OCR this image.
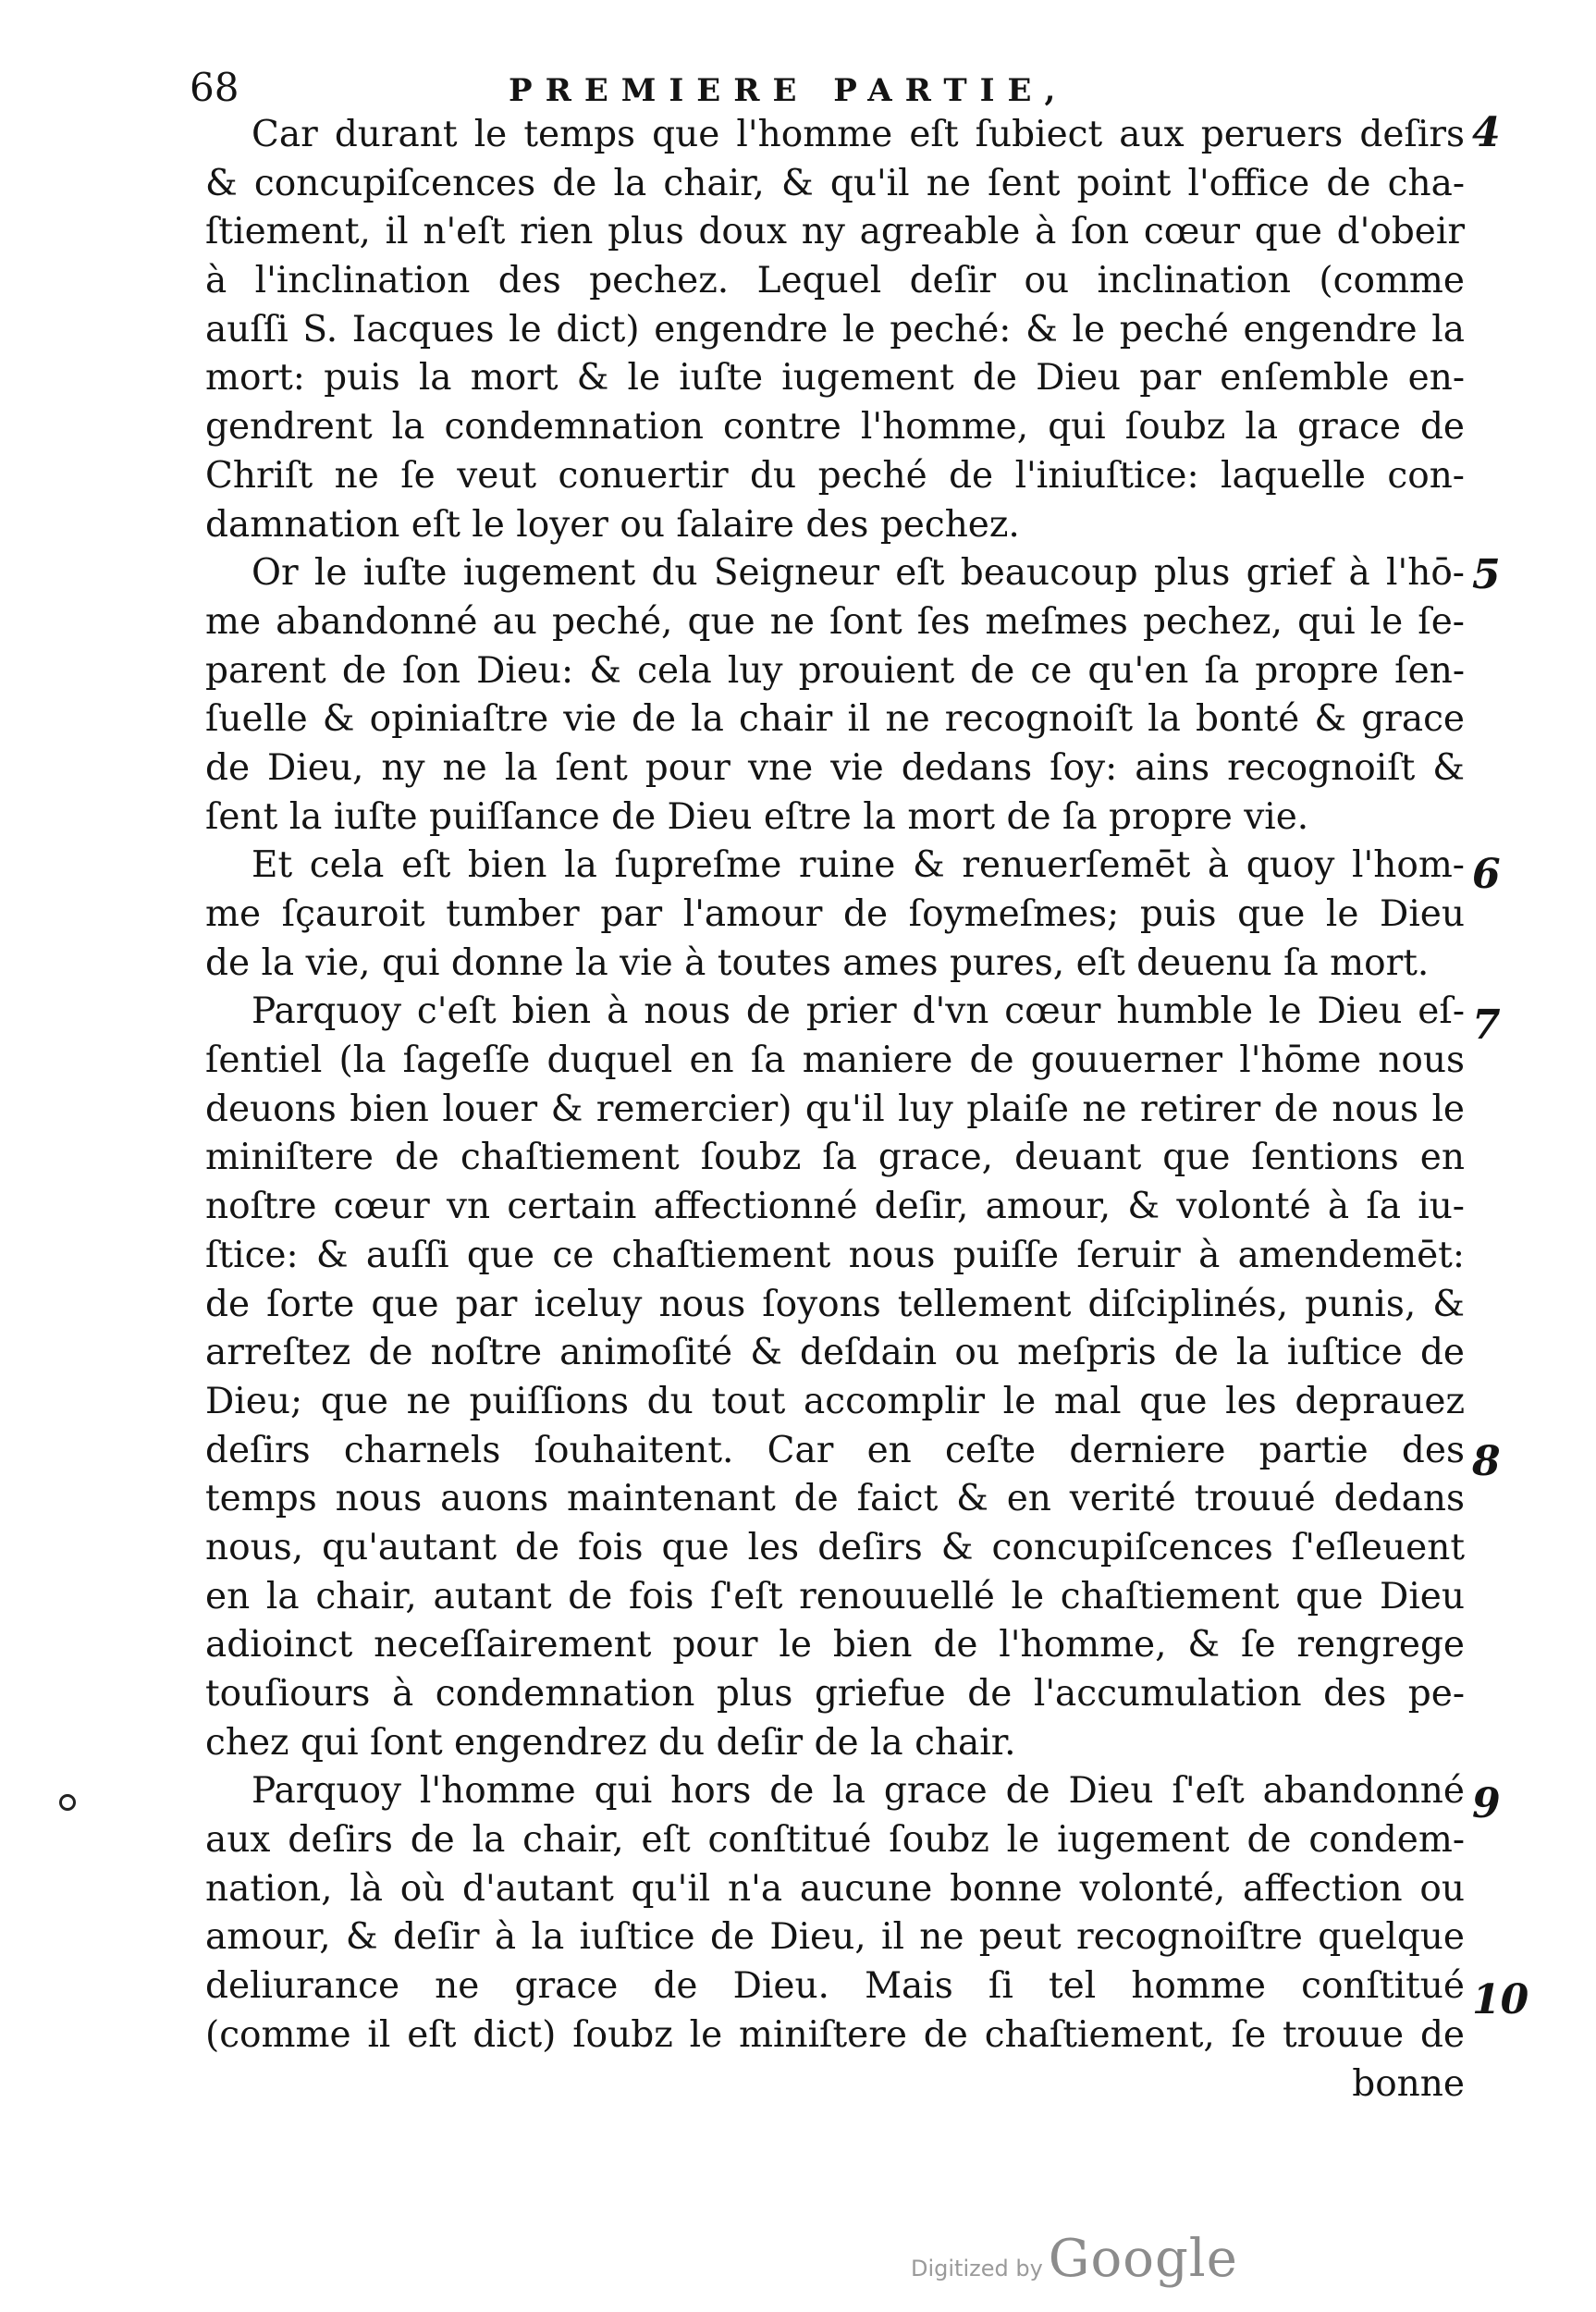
68	PREMIERE PARTIE,
Car durant le temps que l'homme eſt ſubiect aux peruers deſirs
& concupiſcences de la chair, & qu'il ne ſent point l'office de cha-
ſtiement, il n'eſt rien plus doux ny agreable à ſon cœur que d'obeir
à l'inclination des pechez. Lequel deſir ou inclination (comme
auſſi S. Iacques le dict) engendre le peché: & le peché engendre la
mort: puis la mort & le iuſte iugement de Dieu par enſemble en-
gendrent la condemnation contre l'homme, qui ſoubz la grace de
Chriſt ne ſe veut conuertir du peché de l'iniuſtice: laquelle con-
damnation eſt le loyer ou ſalaire des pechez.
Or le iuſte iugement du Seigneur eſt beaucoup plus grief à l'hō-
me abandonné au peché, que ne ſont ſes meſmes pechez, qui le ſe-
parent de ſon Dieu: & cela luy prouient de ce qu'en ſa propre ſen-
ſuelle & opiniaſtre vie de la chair il ne recognoiſt la bonté & grace
de Dieu, ny ne la ſent pour vne vie dedans ſoy: ains recognoiſt &
ſent la iuſte puiſſance de Dieu eſtre la mort de ſa propre vie.
Et cela eſt bien la ſupreſme ruine & renuerſemēt à quoy l'hom-
me ſçauroit tumber par l'amour de ſoymeſmes; puis que le Dieu
de la vie, qui donne la vie à toutes ames pures, eſt deuenu ſa mort.
Parquoy c'eſt bien à nous de prier d'vn cœur humble le Dieu eſ-
ſentiel (la ſageſſe duquel en ſa maniere de gouuerner l'hōme nous
deuons bien louer & remercier) qu'il luy plaiſe ne retirer de nous le
miniſtere de chaſtiement ſoubz ſa grace, deuant que ſentions en
noſtre cœur vn certain affectionné deſir, amour, & volonté à ſa iu-
ſtice: & auſſi que ce chaſtiement nous puiſſe ſeruir à amendemēt:
de ſorte que par iceluy nous ſoyons tellement diſciplinés, punis, &
arreſtez de noſtre animoſité & deſdain ou meſpris de la iuſtice de
Dieu; que ne puiſſions du tout accomplir le mal que les deprauez
deſirs charnels ſouhaitent. Car en ceſte derniere partie des
temps nous auons maintenant de faict & en verité trouué dedans
nous, qu'autant de fois que les deſirs & concupiſcences ſ'eſleuent
en la chair, autant de fois ſ'eſt renouuellé le chaſtiement que Dieu
adioinct neceſſairement pour le bien de l'homme, & ſe rengrege
touſiours à condemnation plus griefue de l'accumulation des pe-
chez qui ſont engendrez du deſir de la chair.
Parquoy l'homme qui hors de la grace de Dieu ſ'eſt abandonné
aux deſirs de la chair, eſt conſtitué ſoubz le iugement de condem-
nation, là où d'autant qu'il n'a aucune bonne volonté, affection ou
amour, & deſir à la iuſtice de Dieu, il ne peut recognoiſtre quelque
deliurance ne grace de Dieu. Mais ſi tel homme conſtitué
(comme il eſt dict) ſoubz le miniſtere de chaſtiement, ſe trouue de
bonne
4
5
6
7
8
9
10
Digitized by Google
